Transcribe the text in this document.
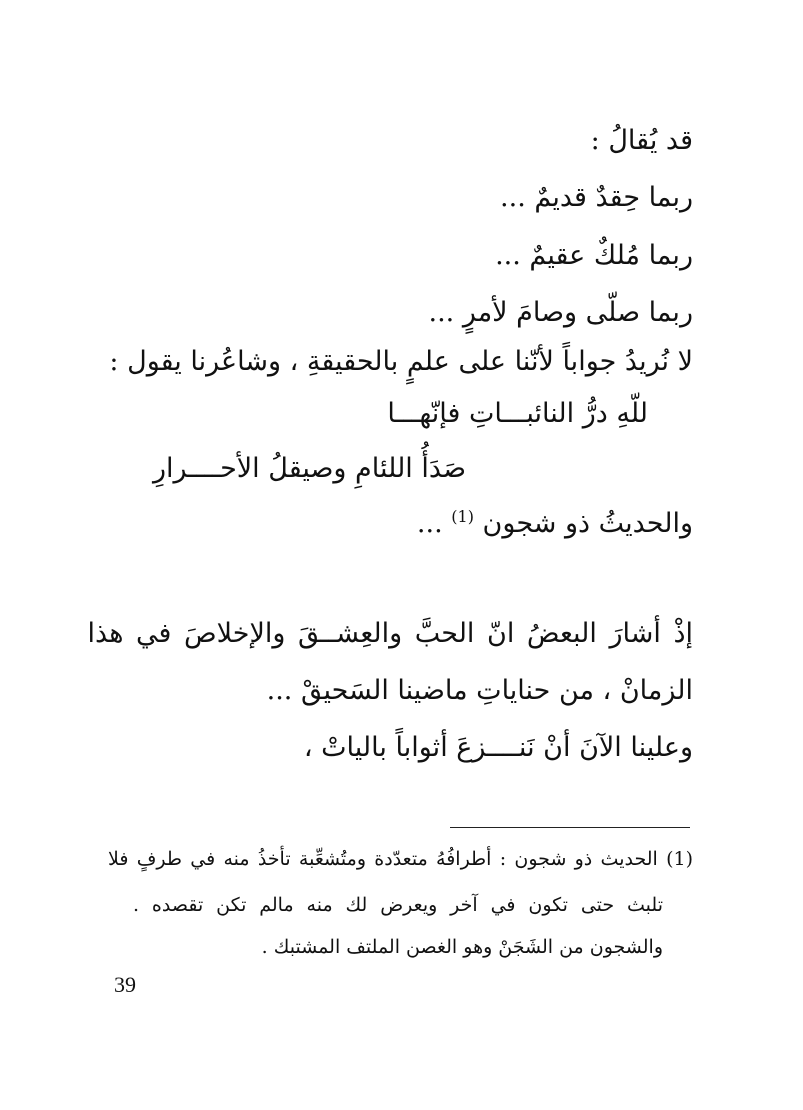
قد يُقالُ :
ربما حِقدٌ قديمٌ ...
ربما مُلكٌ عقيمٌ ...
ربما صلّى وصامَ لأمرٍ ...
لا نُريدُ جواباً لأنّنا على علمٍ بالحقيقةِ ، وشاعُرنا يقول :
للّهِ درُّ النائبـــاتِ فإنّهـــا
صَدَأُ اللئامِ وصيقلُ الأحــــرارِ
والحديثُ ذو شجون $^{(1)}$ ...
إذْ أشارَ البعضُ انّ الحبَّ والعِشــقَ والإخلاصَ في هذا
الزمانْ ، من حناياتِ ماضينا السَحيقْ ...
وعلينا الآنَ أنْ نَنــــزعَ أثواباً بالياتْ ،
(1) الحديث ذو شجون : أطرافُهُ متعدّدة ومتُشعِّبة تأخذُ منه في طرفٍ فلا
تلبث حتى تكون في آخر ويعرض لك منه مالم تكن تقصده .
والشجون من الشَجَنْ وهو الغصن الملتف المشتبك .
39
